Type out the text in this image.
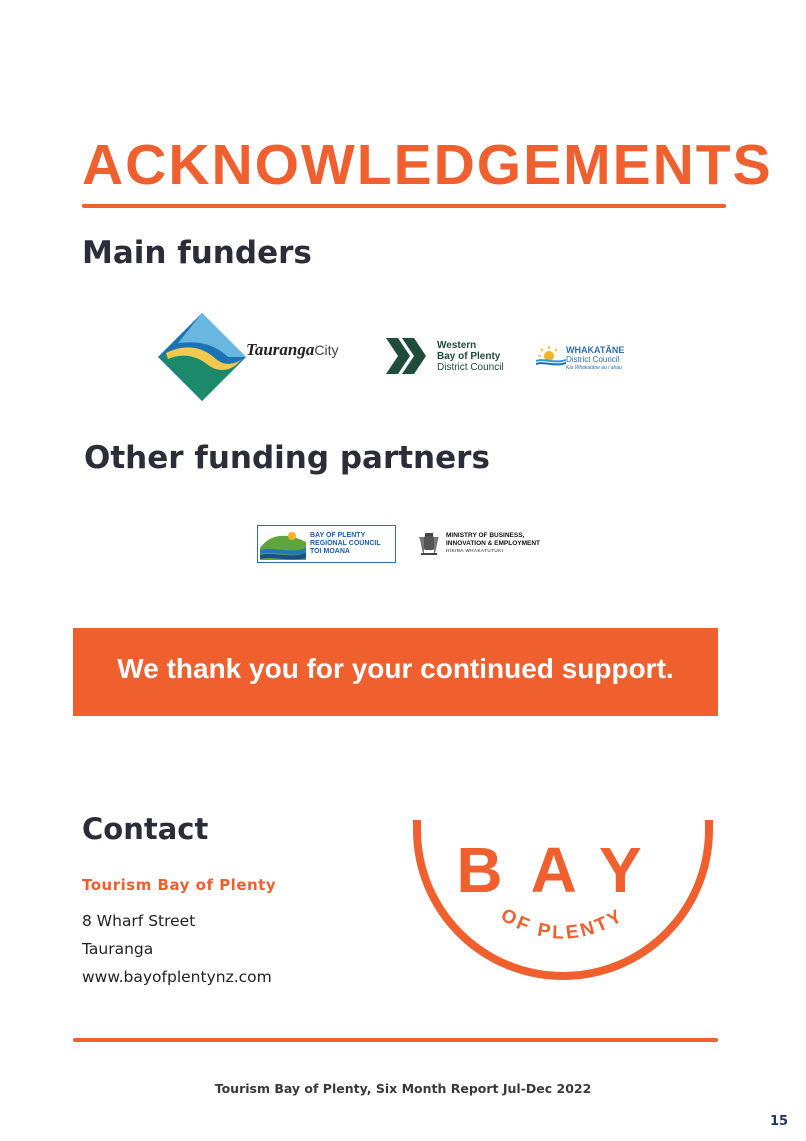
ACKNOWLEDGEMENTS
Main funders
TaurangaCity	Western
Bay of Plenty
District Council
WHAKATĀNE
District Council
Kia Whakatāne au i ahau
Other funding partners
BAY OF PLENTY
REGIONAL COUNCIL
TOI MOANA
MINISTRY OF BUSINESS,
INNOVATION & EMPLOYMENT
HĪKINA WHAKATUTUKI
We thank you for your continued support.
Contact
Tourism Bay of Plenty
8 Wharf Street
Tauranga
www.bayofplentynz.com
BAY
OF PLENTY
Tourism Bay of Plenty, Six Month Report Jul-Dec 2022
15
